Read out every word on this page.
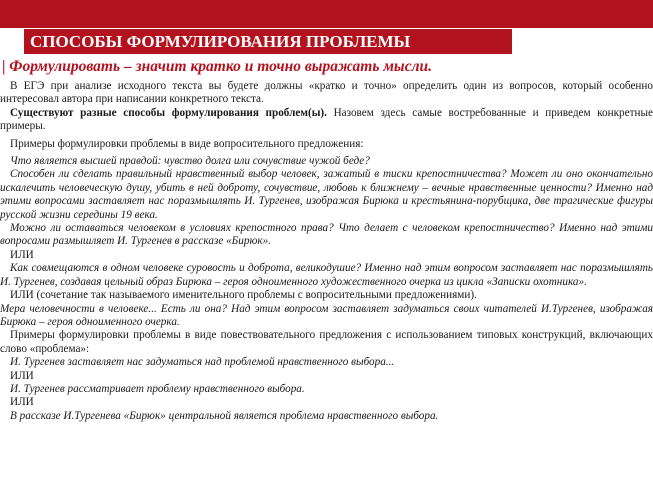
СПОСОБЫ ФОРМУЛИРОВАНИЯ ПРОБЛЕМЫ
| Формулировать – значит кратко и точно выражать мысли.

В ЕГЭ при анализе исходного текста вы будете должны «кратко и точно» определить один из вопросов, который особенно интересовал автора при написании конкретного текста.

Существуют разные способы формулирования проблем(ы). Назовем здесь самые востребованные и приведем конкретные примеры.

Примеры формулировки проблемы в виде вопросительного предложения:

Что является высшей правдой: чувство долга или сочувствие чужой беде?

Способен ли сделать правильный нравственный выбор человек, зажатый в тиски крепостничества? Может ли оно окончательно искалечить человеческую душу, убить в ней доброту, сочувствие, любовь к ближнему – вечные нравственные ценности? Именно над этими вопросами заставляет нас поразмышлять И. Тургенев, изображая Бирюка и крестьянина-порубщика, две трагические фигуры русской жизни середины 19 века.

Можно ли оставаться человеком в условиях крепостного права? Что делает с человеком крепостничество? Именно над этими вопросами размышляет И. Тургенев в рассказе «Бирюк».

ИЛИ

Как совмещаются в одном человеке суровость и доброта, великодушие? Именно над этим вопросом заставляет нас поразмышлять И. Тургенев, создавая цельный образ Бирюка – героя одноименного художественного очерка из цикла «Записки охотника».

ИЛИ (сочетание так называемого именительного проблемы с вопросительными предложениями).

Мера человечности в человеке... Есть ли она? Над этим вопросом заставляет задуматься своих читателей И.Тургенев, изображая Бирюка – героя одноименного очерка.

Примеры формулировки проблемы в виде повествовательного предложения с использованием типовых конструкций, включающих слово «проблема»:

И. Тургенев заставляет нас задуматься над проблемой нравственного выбора...

ИЛИ

И. Тургенев рассматривает проблему нравственного выбора.

ИЛИ

В рассказе И.Тургенева «Бирюк» центральной является проблема нравственного выбора.
